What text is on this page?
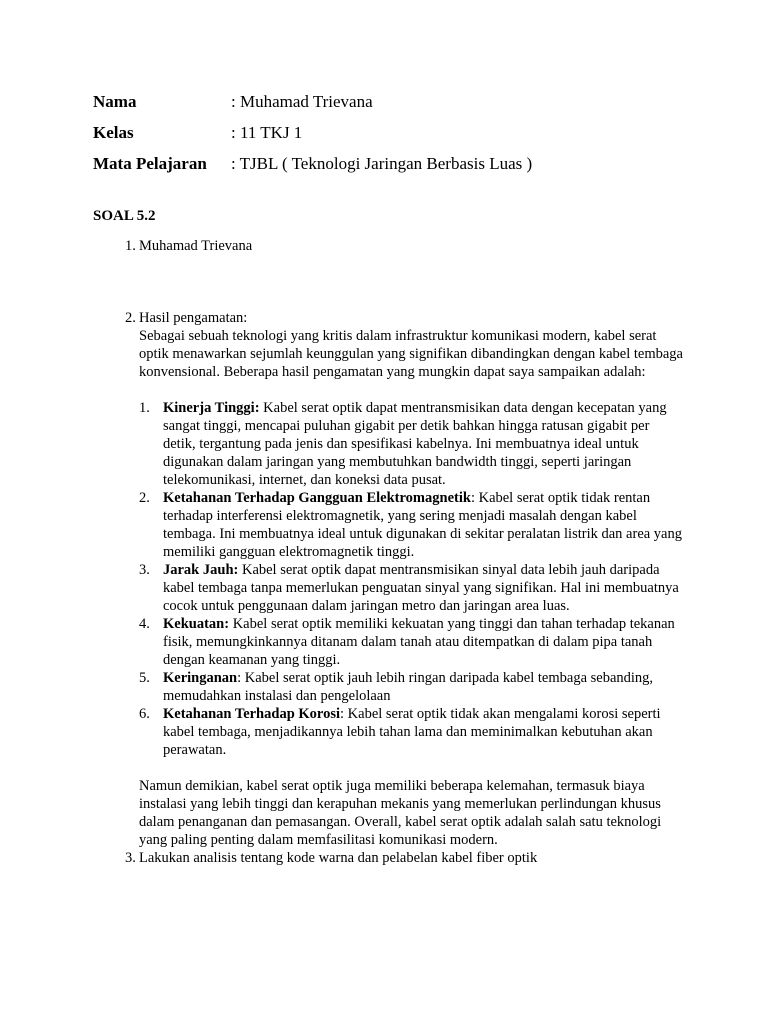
Nama	: Muhamad Trievana
Kelas	: 11 TKJ 1
Mata Pelajaran	: TJBL ( Teknologi Jaringan Berbasis Luas )
SOAL 5.2
1. Muhamad Trievana
2. Hasil pengamatan:
Sebagai sebuah teknologi yang kritis dalam infrastruktur komunikasi modern, kabel serat optik menawarkan sejumlah keunggulan yang signifikan dibandingkan dengan kabel tembaga konvensional. Beberapa hasil pengamatan yang mungkin dapat saya sampaikan adalah:
1. Kinerja Tinggi: Kabel serat optik dapat mentransmisikan data dengan kecepatan yang sangat tinggi, mencapai puluhan gigabit per detik bahkan hingga ratusan gigabit per detik, tergantung pada jenis dan spesifikasi kabelnya. Ini membuatnya ideal untuk digunakan dalam jaringan yang membutuhkan bandwidth tinggi, seperti jaringan telekomunikasi, internet, dan koneksi data pusat.
2. Ketahanan Terhadap Gangguan Elektromagnetik: Kabel serat optik tidak rentan terhadap interferensi elektromagnetik, yang sering menjadi masalah dengan kabel tembaga. Ini membuatnya ideal untuk digunakan di sekitar peralatan listrik dan area yang memiliki gangguan elektromagnetik tinggi.
3. Jarak Jauh: Kabel serat optik dapat mentransmisikan sinyal data lebih jauh daripada kabel tembaga tanpa memerlukan penguatan sinyal yang signifikan. Hal ini membuatnya cocok untuk penggunaan dalam jaringan metro dan jaringan area luas.
4. Kekuatan: Kabel serat optik memiliki kekuatan yang tinggi dan tahan terhadap tekanan fisik, memungkinkannya ditanam dalam tanah atau ditempatkan di dalam pipa tanah dengan keamanan yang tinggi.
5. Keringanan: Kabel serat optik jauh lebih ringan daripada kabel tembaga sebanding, memudahkan instalasi dan pengelolaan
6. Ketahanan Terhadap Korosi: Kabel serat optik tidak akan mengalami korosi seperti kabel tembaga, menjadikannya lebih tahan lama dan meminimalkan kebutuhan akan perawatan.
Namun demikian, kabel serat optik juga memiliki beberapa kelemahan, termasuk biaya instalasi yang lebih tinggi dan kerapuhan mekanis yang memerlukan perlindungan khusus dalam penanganan dan pemasangan. Overall, kabel serat optik adalah salah satu teknologi yang paling penting dalam memfasilitasi komunikasi modern.
3. Lakukan analisis tentang kode warna dan pelabelan kabel fiber optik
